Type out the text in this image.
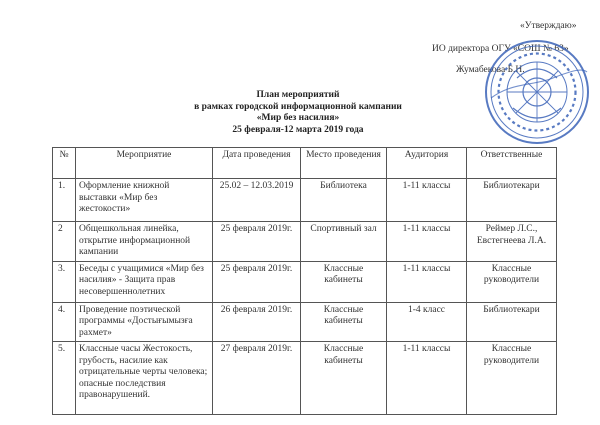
«Утверждаю»
ИО директора ОГУ «СОШ № 63»
Жумабекова Б.Н.
План мероприятий
в рамках городской информационной кампании
«Мир без насилия»
25 февраля-12 марта 2019 года
№	Мероприятие	Дата проведения	Место проведения	Аудитория	Ответственные
1.	Оформление книжной выставки «Мир без жестокости»	25.02 – 12.03.2019	Библиотека	1-11 классы	Библиотекари
2	Общешкольная линейка, открытие информационной кампании	25 февраля 2019г.	Спортивный зал	1-11 классы	Реймер Л.С., Евстегнеева Л.А.
3.	Беседы с учащимися «Мир без насилия» - Защита прав несовершеннолетних	25 февраля 2019г.	Классные кабинеты	1-11 классы	Классные руководители
4.	Проведение поэтической программы «Достығымызға рахмет»	26 февраля 2019г.	Классные кабинеты	1-4 класс	Библиотекари
5.	Классные часы Жестокость, грубость, насилие как отрицательные черты человека; опасные последствия правонарушений.	27 февраля 2019г.	Классные кабинеты	1-11 классы	Классные руководители
